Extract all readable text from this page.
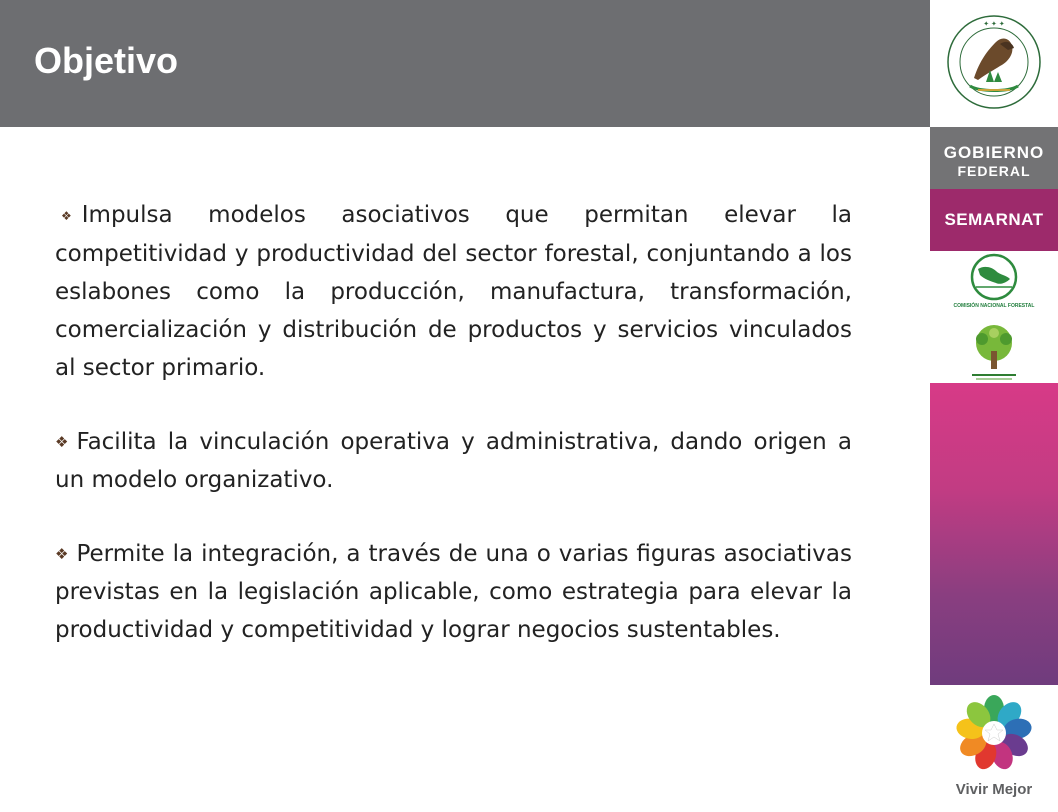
Objetivo

❖ Impulsa modelos asociativos que permitan elevar la competitividad y productividad del sector forestal, conjuntando a los eslabones como la producción, manufactura, transformación, comercialización y distribución de productos y servicios vinculados al sector primario.

❖ Facilita la vinculación operativa y administrativa, dando origen a un modelo organizativo.

❖ Permite la integración, a través de una o varias figuras asociativas previstas en la legislación aplicable, como estrategia para elevar la productividad y competitividad y lograr negocios sustentables.

✦ ✦ ✦
GOBIERNO
FEDERAL
SEMARNAT
COMISIÓN NACIONAL FORESTAL
Vivir Mejor
